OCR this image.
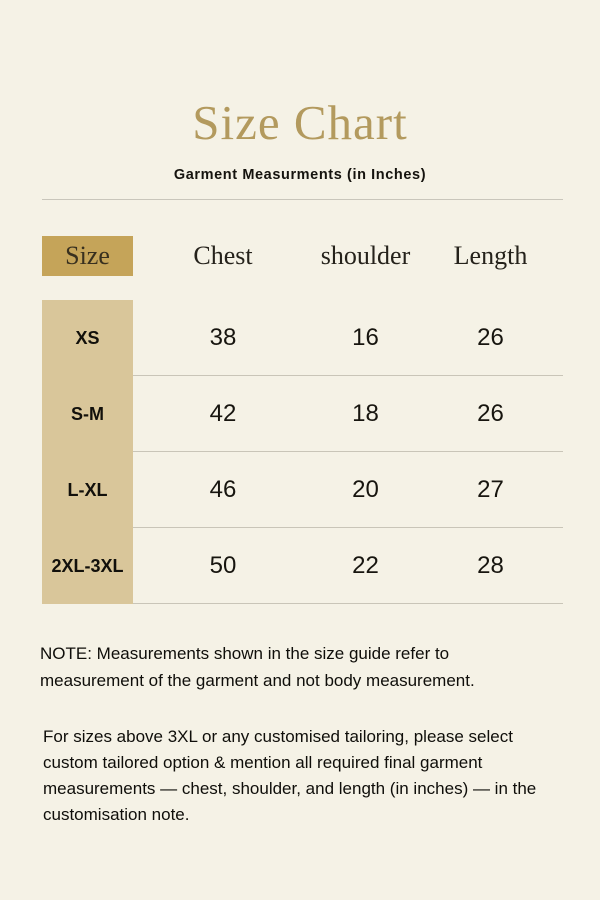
Size Chart
Garment Measurments (in Inches)
Size	Chest	shoulder	Length
XS	38	16	26
S-M	42	18	26
L-XL	46	20	27
2XL-3XL	50	22	28

NOTE: Measurements shown in the size guide refer to measurement of the garment and not body measurement.

For sizes above 3XL or any customised tailoring, please select custom tailored option & mention all required final garment measurements — chest, shoulder, and length (in inches) — in the customisation note.
